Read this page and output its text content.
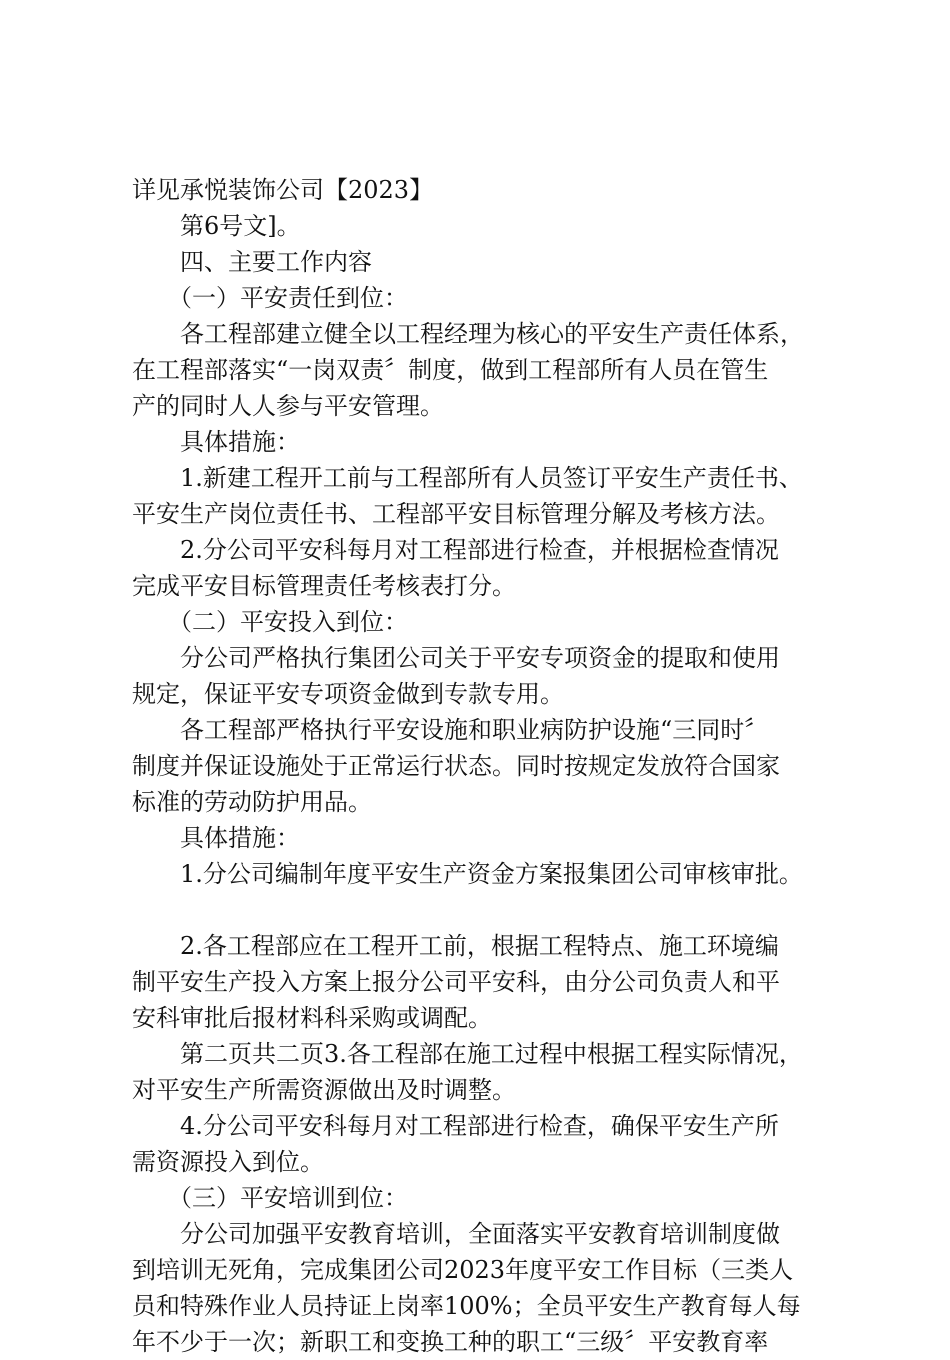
详见承悦装饰公司【2023】
第6号文]。
四、主要工作内容
（一）平安责任到位：
各工程部建立健全以工程经理为核心的平安生产责任体系，
在工程部落实“一岗双责〞制度，做到工程部所有人员在管生
产的同时人人参与平安管理。
具体措施：
1.新建工程开工前与工程部所有人员签订平安生产责任书、
平安生产岗位责任书、工程部平安目标管理分解及考核方法。
2.分公司平安科每月对工程部进行检查，并根据检查情况
完成平安目标管理责任考核表打分。
（二）平安投入到位：
分公司严格执行集团公司关于平安专项资金的提取和使用
规定，保证平安专项资金做到专款专用。
各工程部严格执行平安设施和职业病防护设施“三同时〞
制度并保证设施处于正常运行状态。同时按规定发放符合国家
标准的劳动防护用品。
具体措施：
1.分公司编制年度平安生产资金方案报集团公司审核审批。
2.各工程部应在工程开工前，根据工程特点、施工环境编
制平安生产投入方案上报分公司平安科，由分公司负责人和平
安科审批后报材料科采购或调配。
第二页共二页3.各工程部在施工过程中根据工程实际情况，
对平安生产所需资源做出及时调整。
4.分公司平安科每月对工程部进行检查，确保平安生产所
需资源投入到位。
（三）平安培训到位：
分公司加强平安教育培训，全面落实平安教育培训制度做
到培训无死角，完成集团公司2023年度平安工作目标（三类人
员和特殊作业人员持证上岗率100%；全员平安生产教育每人每
年不少于一次；新职工和变换工种的职工“三级〞平安教育率
